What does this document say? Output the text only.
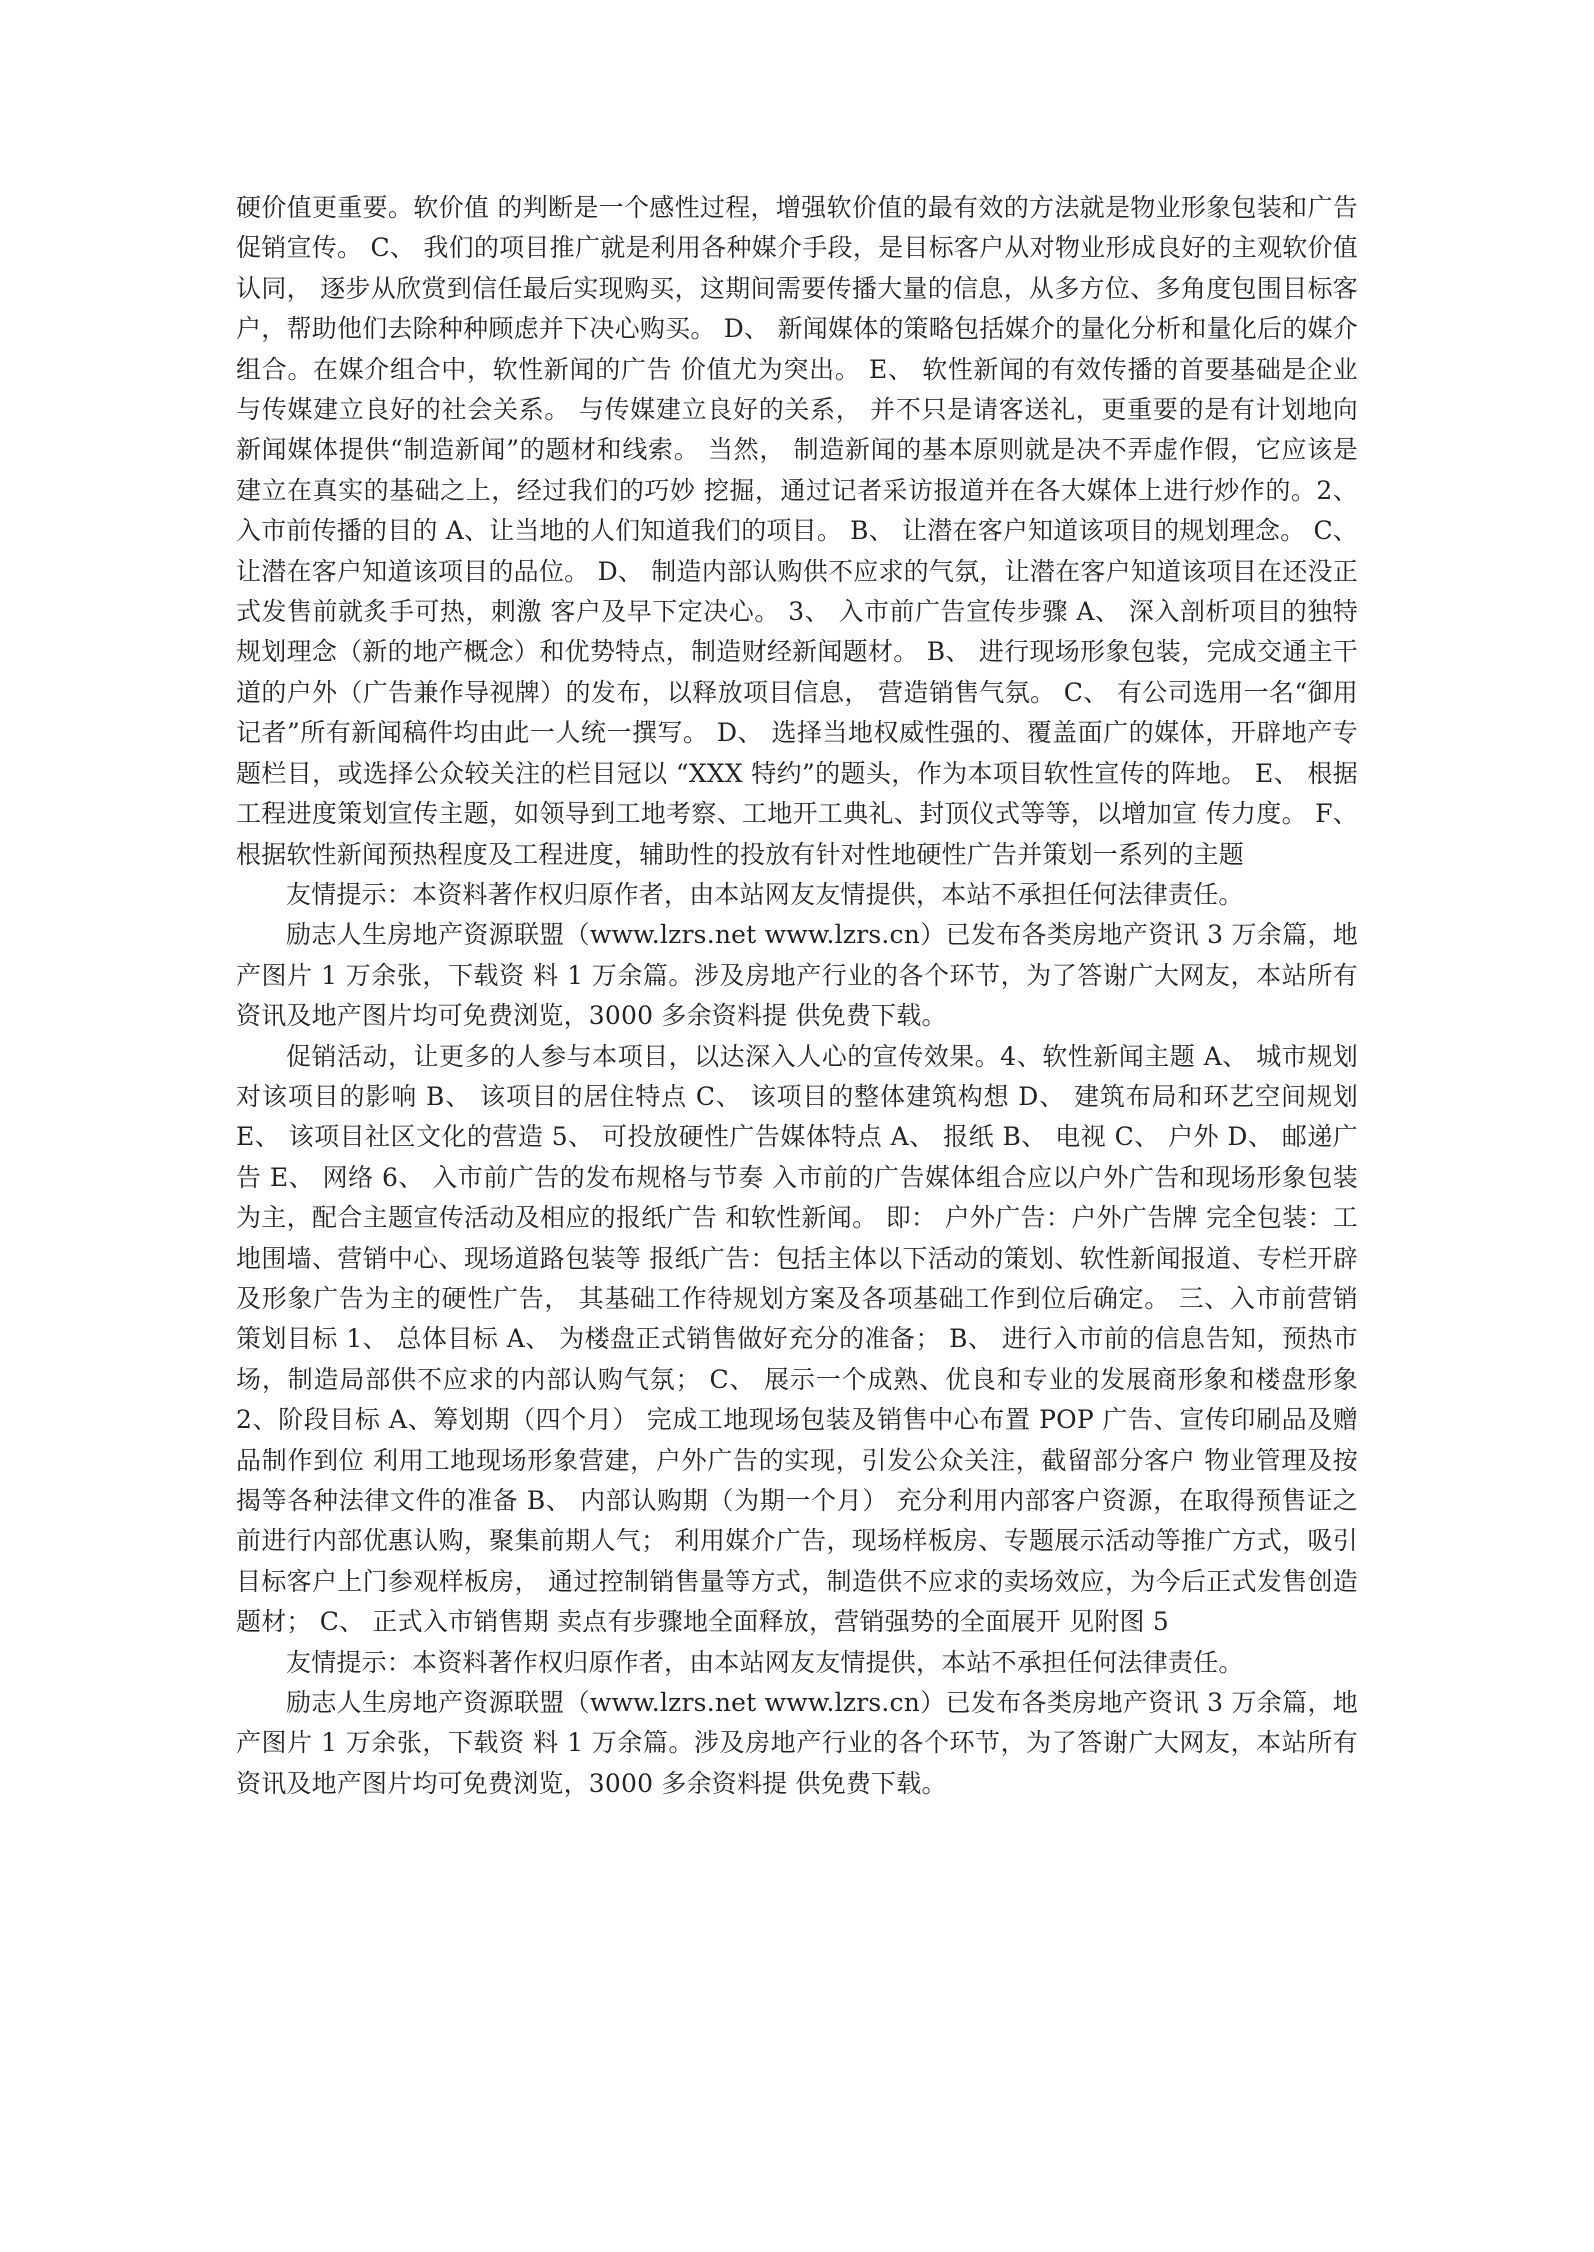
硬价值更重要。软价值 的判断是一个感性过程，增强软价值的最有效的方法就是物业形象包装和广告促销宣传。 C、 我们的项目推广就是利用各种媒介手段，是目标客户从对物业形成良好的主观软价值认同， 逐步从欣赏到信任最后实现购买，这期间需要传播大量的信息，从多方位、多角度包围目标客 户，帮助他们去除种种顾虑并下决心购买。 D、 新闻媒体的策略包括媒介的量化分析和量化后的媒介组合。在媒介组合中，软性新闻的广告 价值尤为突出。 E、 软性新闻的有效传播的首要基础是企业与传媒建立良好的社会关系。 与传媒建立良好的关系， 并不只是请客送礼，更重要的是有计划地向新闻媒体提供“制造新闻”的题材和线索。 当然， 制造新闻的基本原则就是决不弄虚作假，它应该是建立在真实的基础之上，经过我们的巧妙 挖掘，通过记者采访报道并在各大媒体上进行炒作的。2、入市前传播的目的 A、让当地的人们知道我们的项目。 B、 让潜在客户知道该项目的规划理念。 C、 让潜在客户知道该项目的品位。 D、 制造内部认购供不应求的气氛，让潜在客户知道该项目在还没正式发售前就炙手可热，刺激 客户及早下定决心。 3、 入市前广告宣传步骤 A、 深入剖析项目的独特规划理念（新的地产概念）和优势特点，制造财经新闻题材。 B、 进行现场形象包装，完成交通主干道的户外（广告兼作导视牌）的发布，以释放项目信息， 营造销售气氛。 C、 有公司选用一名“御用记者”所有新闻稿件均由此一人统一撰写。 D、 选择当地权威性强的、覆盖面广的媒体，开辟地产专题栏目，或选择公众较关注的栏目冠以 “XXX 特约”的题头，作为本项目软性宣传的阵地。 E、 根据工程进度策划宣传主题，如领导到工地考察、工地开工典礼、封顶仪式等等，以增加宣 传力度。 F、 根据软性新闻预热程度及工程进度，辅助性的投放有针对性地硬性广告并策划一系列的主题

友情提示：本资料著作权归原作者，由本站网友友情提供，本站不承担任何法律责任。

励志人生房地产资源联盟（www.lzrs.net www.lzrs.cn）已发布各类房地产资讯 3 万余篇，地产图片 1 万余张，下载资 料 1 万余篇。涉及房地产行业的各个环节，为了答谢广大网友，本站所有资讯及地产图片均可免费浏览，3000 多余资料提 供免费下载。

促销活动，让更多的人参与本项目，以达深入人心的宣传效果。4、软性新闻主题 A、 城市规划对该项目的影响 B、 该项目的居住特点 C、 该项目的整体建筑构想 D、 建筑布局和环艺空间规划 E、 该项目社区文化的营造 5、 可投放硬性广告媒体特点 A、 报纸 B、 电视 C、 户外 D、 邮递广告 E、 网络 6、 入市前广告的发布规格与节奏 入市前的广告媒体组合应以户外广告和现场形象包装为主，配合主题宣传活动及相应的报纸广告 和软性新闻。 即： 户外广告：户外广告牌 完全包装：工地围墙、营销中心、现场道路包装等 报纸广告：包括主体以下活动的策划、软性新闻报道、专栏开辟及形象广告为主的硬性广告， 其基础工作待规划方案及各项基础工作到位后确定。 三、入市前营销策划目标 1、 总体目标 A、 为楼盘正式销售做好充分的准备； B、 进行入市前的信息告知，预热市场，制造局部供不应求的内部认购气氛； C、 展示一个成熟、优良和专业的发展商形象和楼盘形象 2、阶段目标 A、筹划期（四个月） 完成工地现场包装及销售中心布置 POP 广告、宣传印刷品及赠品制作到位 利用工地现场形象营建，户外广告的实现，引发公众关注，截留部分客户 物业管理及按揭等各种法律文件的准备 B、 内部认购期（为期一个月） 充分利用内部客户资源，在取得预售证之前进行内部优惠认购，聚集前期人气； 利用媒介广告，现场样板房、专题展示活动等推广方式，吸引目标客户上门参观样板房， 通过控制销售量等方式，制造供不应求的卖场效应，为今后正式发售创造题材； C、 正式入市销售期 卖点有步骤地全面释放，营销强势的全面展开 见附图 5

友情提示：本资料著作权归原作者，由本站网友友情提供，本站不承担任何法律责任。

励志人生房地产资源联盟（www.lzrs.net www.lzrs.cn）已发布各类房地产资讯 3 万余篇，地产图片 1 万余张，下载资 料 1 万余篇。涉及房地产行业的各个环节，为了答谢广大网友，本站所有资讯及地产图片均可免费浏览，3000 多余资料提 供免费下载。
